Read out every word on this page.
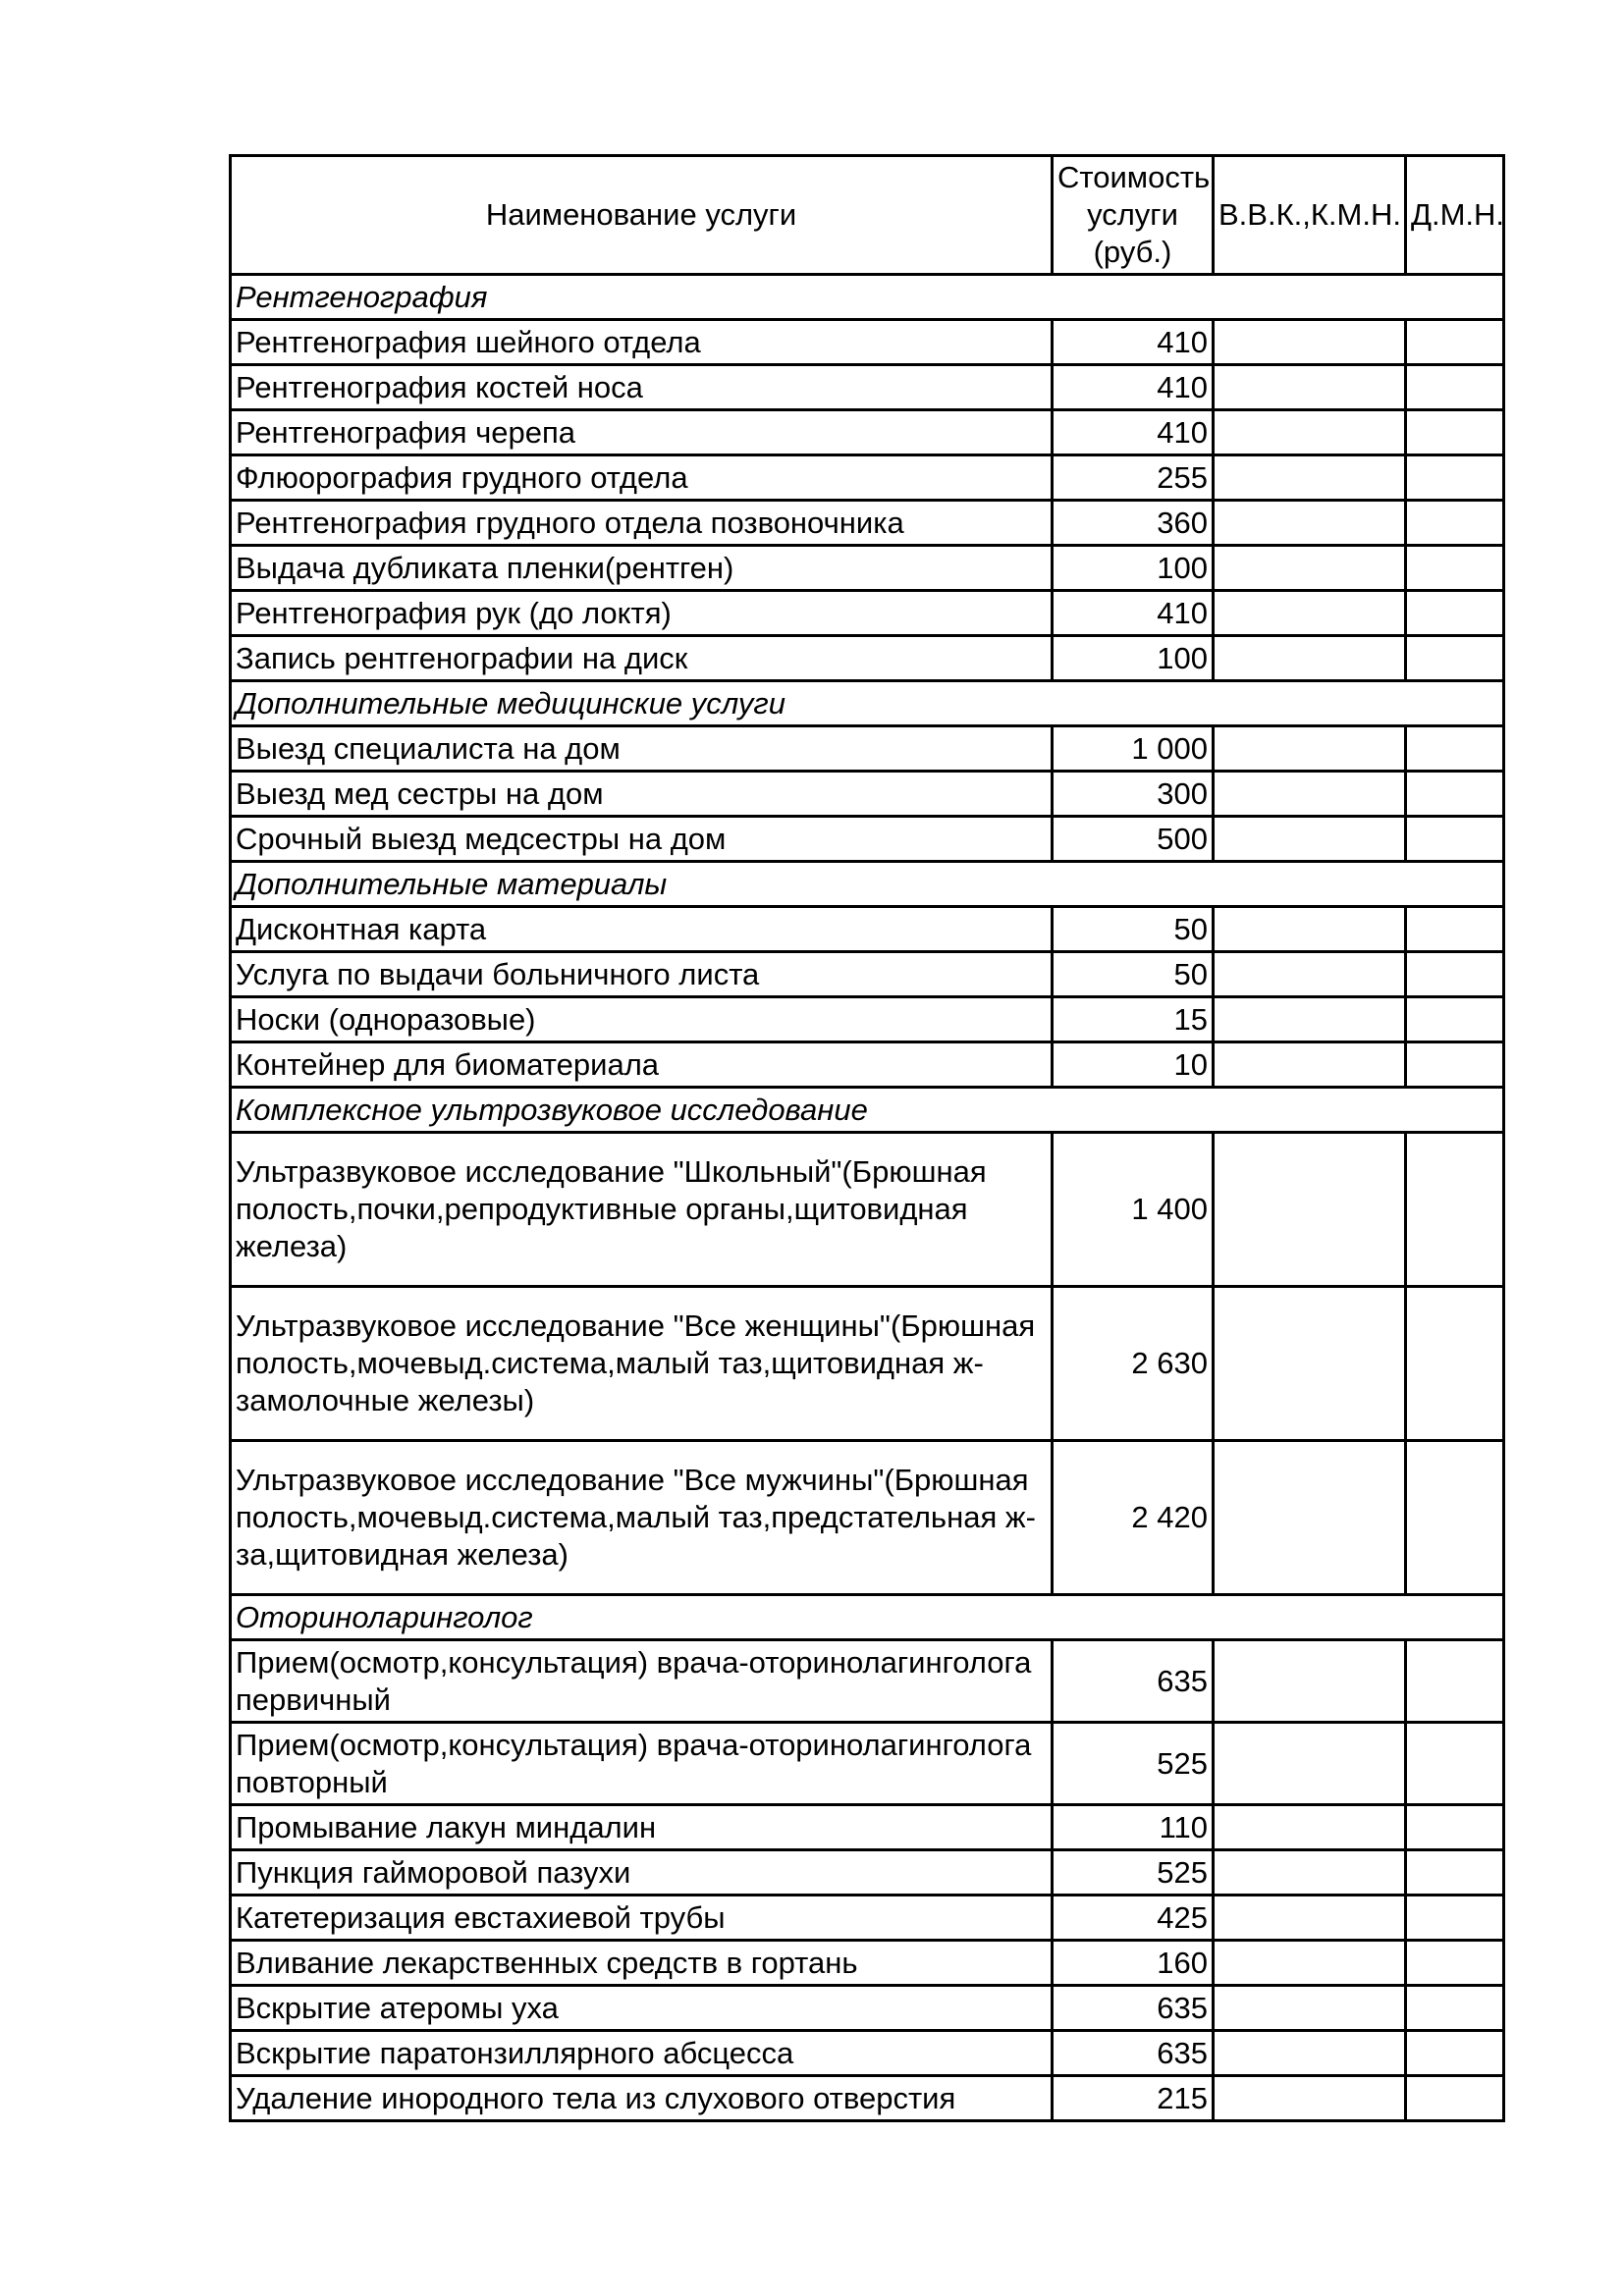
Наименование услуги	Стоимость услуги (руб.)	В.В.К.,К.М.Н.	Д.М.Н.
Рентгенография			
Рентгенография шейного отдела	410		
Рентгенография костей носа	410		
Рентгенография черепа	410		
Флюорография грудного отдела	255		
Рентгенография грудного отдела позвоночника	360		
Выдача дубликата пленки(рентген)	100		
Рентгенография рук (до локтя)	410		
Запись рентгенографии на диск	100		
Дополнительные медицинские услуги			
Выезд специалиста на дом	1 000		
Выезд мед сестры на дом	300		
Срочный выезд медсестры на дом	500		
Дополнительные материалы			
Дисконтная карта	50		
Услуга по выдачи больничного листа	50		
Носки (одноразовые)	15		
Контейнер для биоматериала	10		
Комплексное ультрозвуковое исследование			
Ультразвуковое исследование "Школьный"(Брюшная полость,почки,репродуктивные органы,щитовидная железа)	1 400		
Ультразвуковое исследование "Все женщины"(Брюшная полость,мочевыд.система,малый таз,щитовидная ж-замолочные железы)	2 630		
Ультразвуковое исследование "Все мужчины"(Брюшная полость,мочевыд.система,малый таз,предстательная ж-за,щитовидная железа)	2 420		
Оториноларинголог			
Прием(осмотр,консультация) врача-оторинолагинголога первичный	635		
Прием(осмотр,консультация) врача-оторинолагинголога повторный	525		
Промывание лакун миндалин	110		
Пункция гайморовой пазухи	525		
Катетеризация евстахиевой трубы	425		
Вливание лекарственных средств в гортань	160		
Вскрытие атеромы уха	635		
Вскрытие паратонзиллярного абсцесса	635		
Удаление инородного тела из слухового отверстия	215		
